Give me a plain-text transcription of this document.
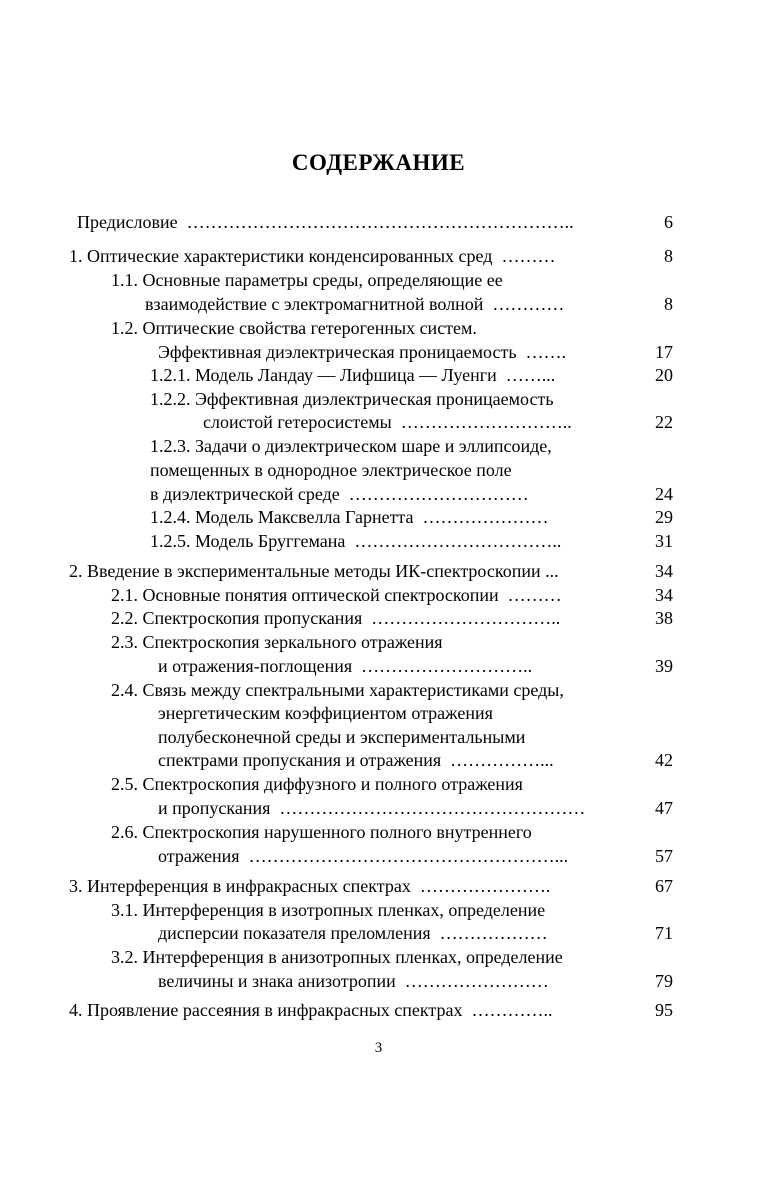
СОДЕРЖАНИЕ
Предисловие  ………………………………………………………..	6
1. Оптические характеристики конденсированных сред  ………	8
1.1. Основные параметры среды, определяющие ее
взаимодействие с электромагнитной волной  …………	8
1.2. Оптические свойства гетерогенных систем.
Эффективная диэлектрическая проницаемость  …….	17
1.2.1. Модель Ландау — Лифшица — Луенги  ……...	20
1.2.2. Эффективная диэлектрическая проницаемость
слоистой гетеросистемы  ………………………..	22
1.2.3. Задачи о диэлектрическом шаре и эллипсоиде,
помещенных в однородное электрическое поле
в диэлектрической среде  …………………………	24
1.2.4. Модель Максвелла Гарнетта  …………………	29
1.2.5. Модель Бруггемана  ……………………………..	31
2. Введение в экспериментальные методы ИК-спектроскопии ...	34
2.1. Основные понятия оптической спектроскопии  ………	34
2.2. Спектроскопия пропускания  …………………………..	38
2.3. Спектроскопия зеркального отражения
и отражения-поглощения  ………………………..	39
2.4. Связь между спектральными характеристиками среды,
энергетическим коэффициентом отражения
полубесконечной среды и экспериментальными
спектрами пропускания и отражения  ……………...	42
2.5. Спектроскопия диффузного и полного отражения
и пропускания  ……………………………………………	47
2.6. Спектроскопия нарушенного полного внутреннего
отражения  ……………………………………………...	57
3. Интерференция в инфракрасных спектрах  ………………….	67
3.1. Интерференция в изотропных пленках, определение
дисперсии показателя преломления  ………………	71
3.2. Интерференция в анизотропных пленках, определение
величины и знака анизотропии  ……………………	79
4. Проявление рассеяния в инфракрасных спектрах  …………..	95
3
